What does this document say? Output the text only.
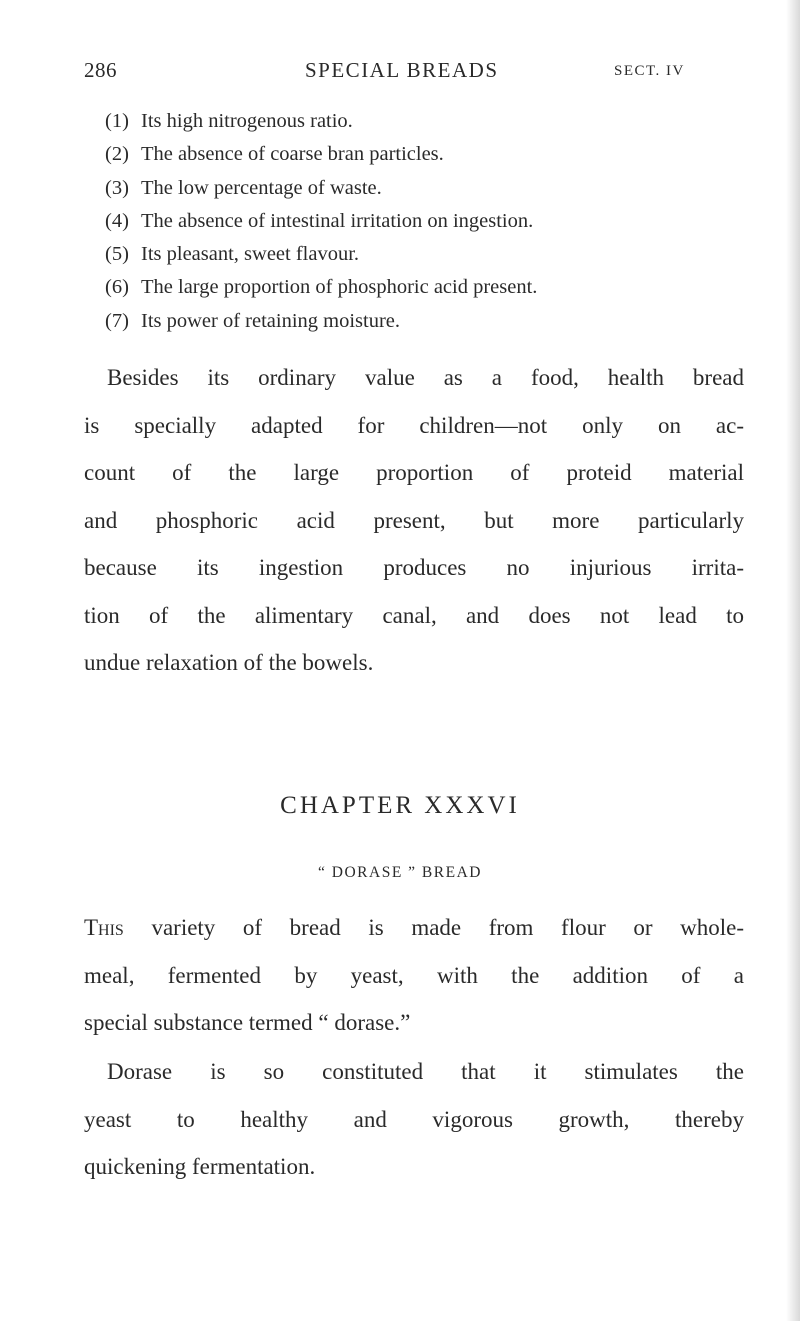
286	SPECIAL BREADS	SECT. IV
(1) Its high nitrogenous ratio.
(2) The absence of coarse bran particles.
(3) The low percentage of waste.
(4) The absence of intestinal irritation on ingestion.
(5) Its pleasant, sweet flavour.
(6) The large proportion of phosphoric acid present.
(7) Its power of retaining moisture.
Besides its ordinary value as a food, health bread
is specially adapted for children—not only on ac-
count of the large proportion of proteid material
and phosphoric acid present, but more particularly
because its ingestion produces no injurious irrita-
tion of the alimentary canal, and does not lead to
undue relaxation of the bowels.
CHAPTER XXXVI
“ DORASE ” BREAD
This variety of bread is made from flour or whole-
meal, fermented by yeast, with the addition of a
special substance termed “ dorase.”
Dorase is so constituted that it stimulates the
yeast to healthy and vigorous growth, thereby
quickening fermentation.
